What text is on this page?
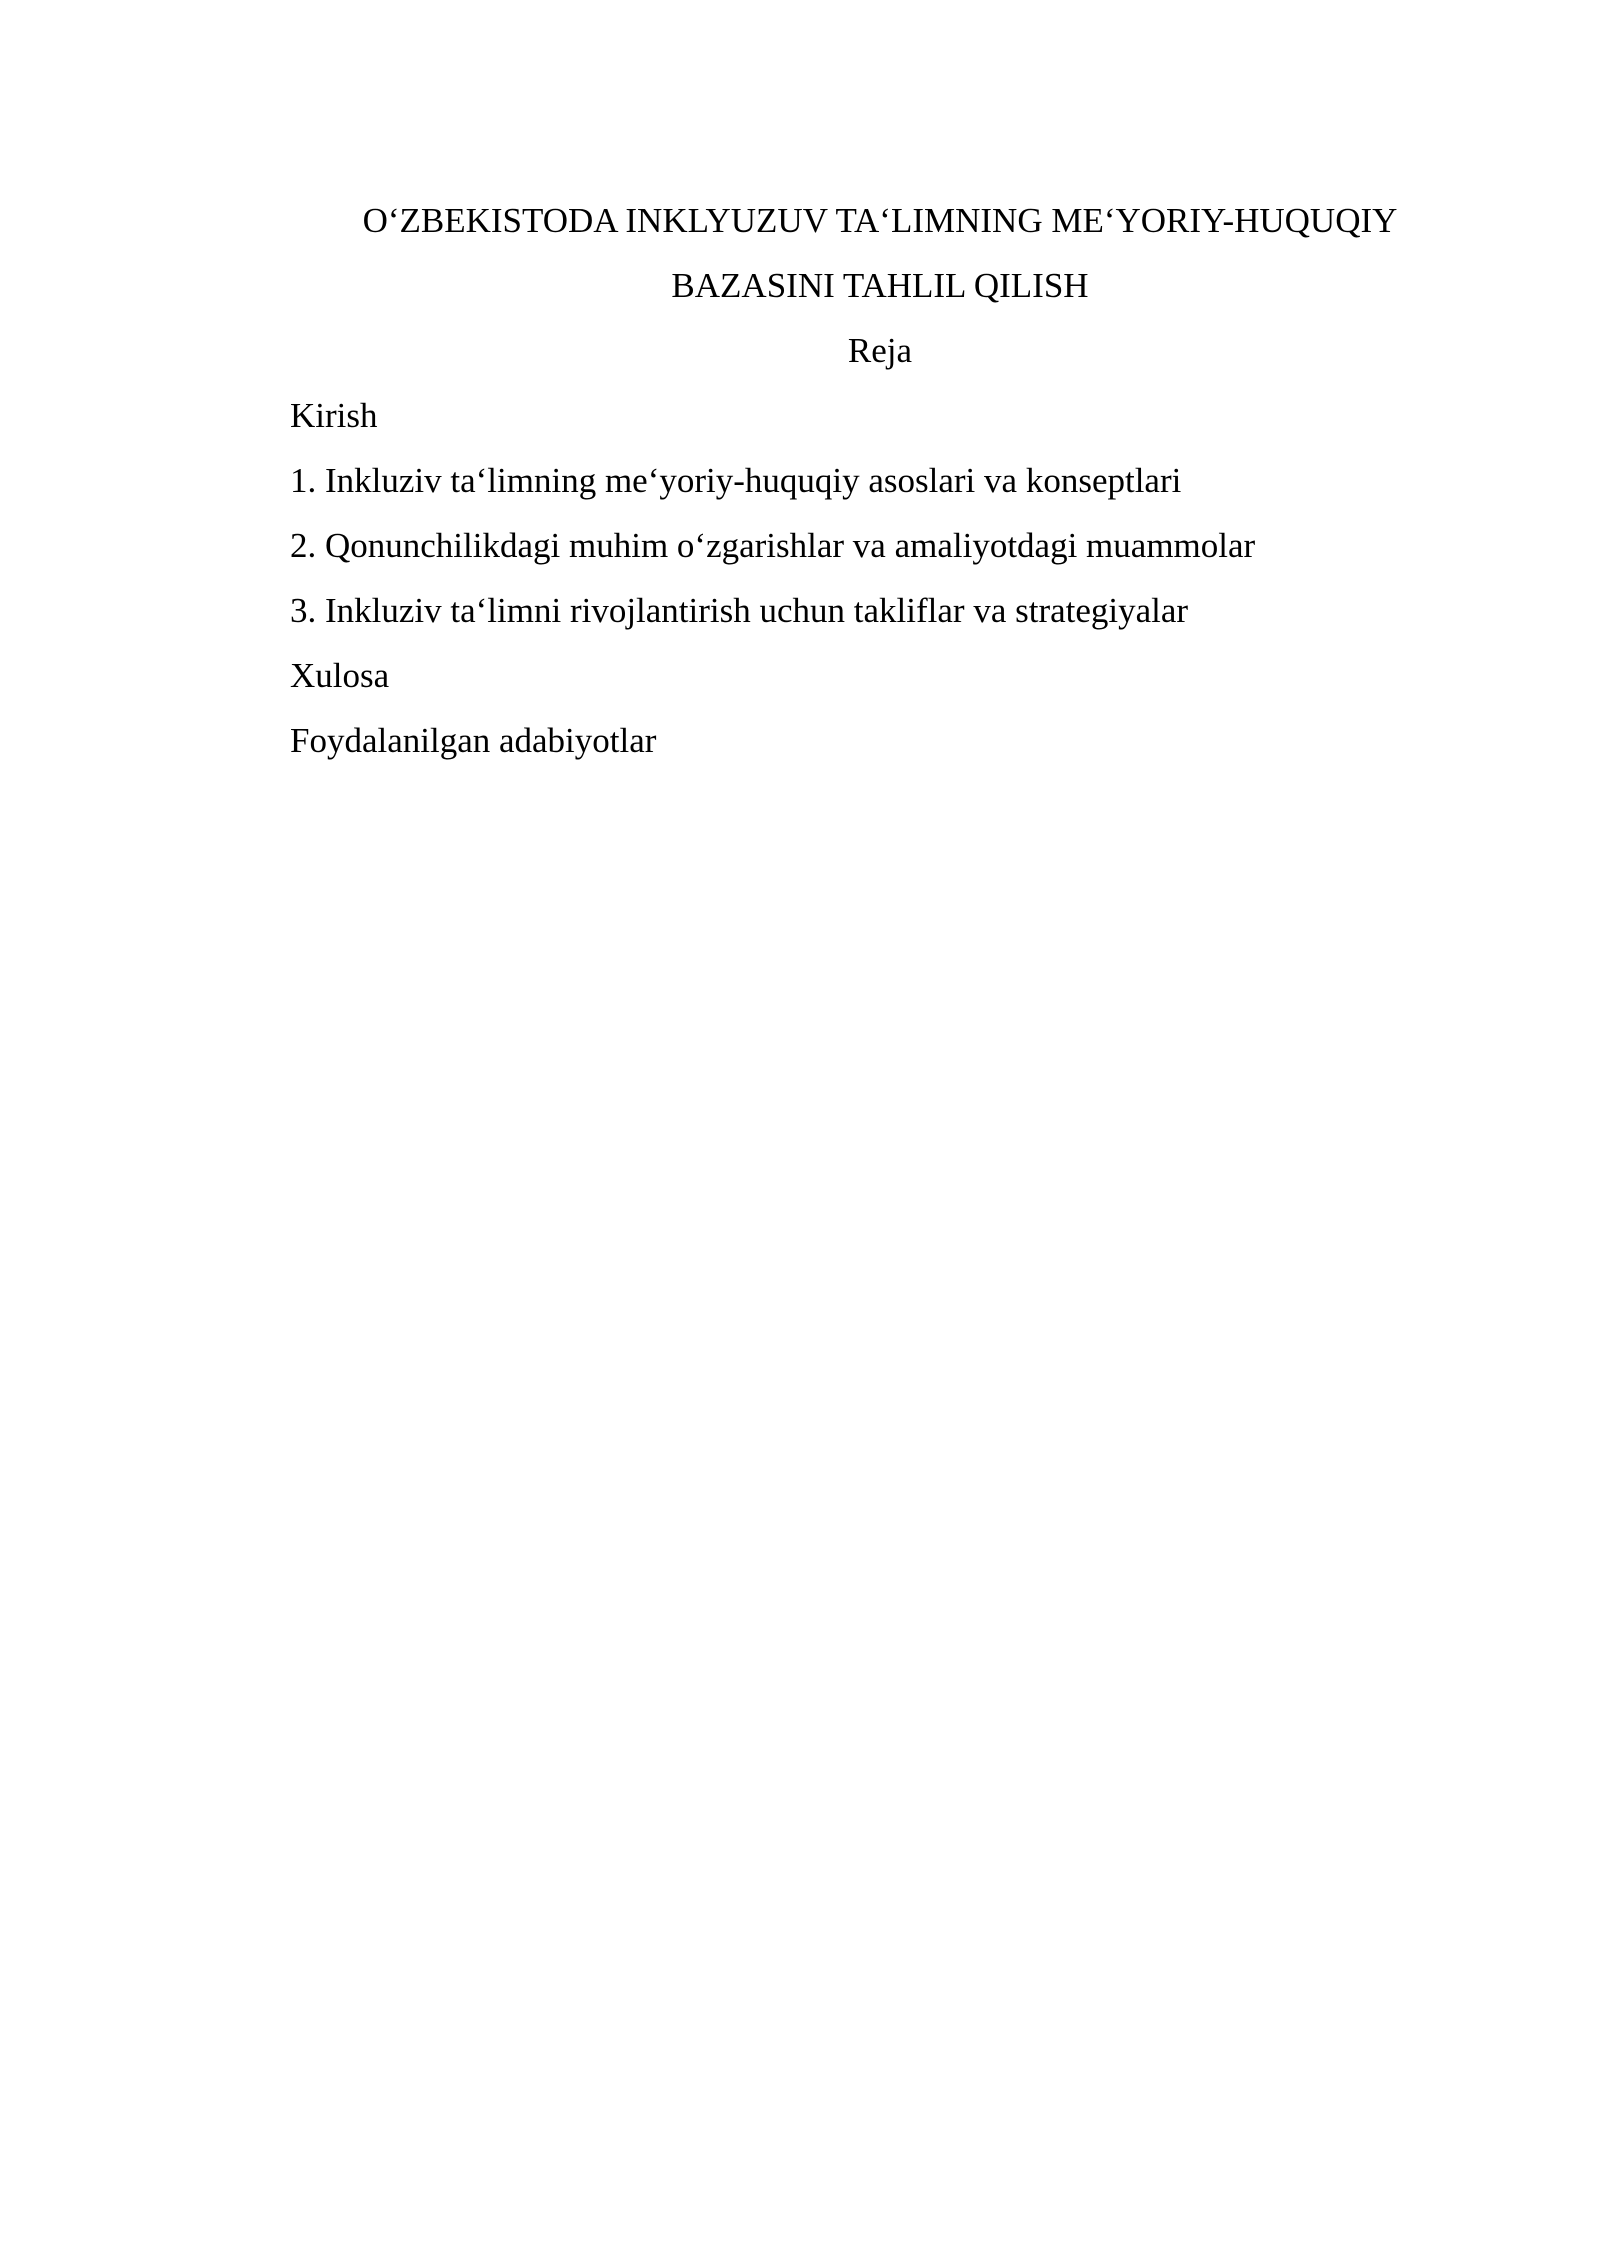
O‘ZBEKISTODA INKLYUZUV TA‘LIMNING ME‘YORIY-HUQUQIY
BAZASINI TAHLIL QILISH
Reja
Kirish
1. Inkluziv ta‘limning me‘yoriy-huquqiy asoslari va konseptlari
2. Qonunchilikdagi muhim o‘zgarishlar va amaliyotdagi muammolar
3. Inkluziv ta‘limni rivojlantirish uchun takliflar va strategiyalar
Xulosa
Foydalanilgan adabiyotlar
